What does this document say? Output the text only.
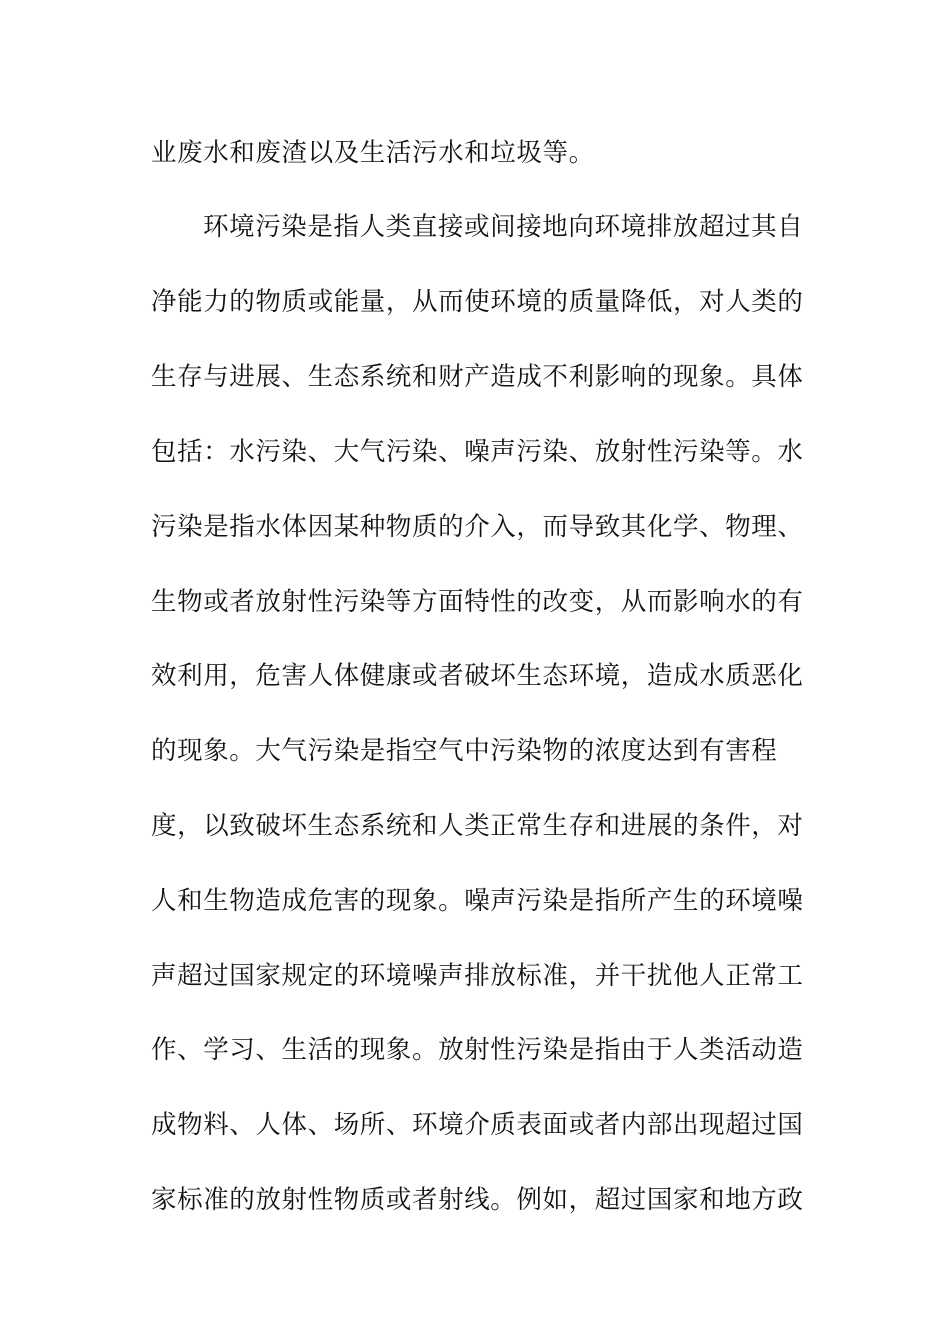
业废水和废渣以及生活污水和垃圾等。
环境污染是指人类直接或间接地向环境排放超过其自
净能力的物质或能量，从而使环境的质量降低，对人类的
生存与进展、生态系统和财产造成不利影响的现象。具体
包括：水污染、大气污染、噪声污染、放射性污染等。水
污染是指水体因某种物质的介入，而导致其化学、物理、
生物或者放射性污染等方面特性的改变，从而影响水的有
效利用，危害人体健康或者破坏生态环境，造成水质恶化
的现象。大气污染是指空气中污染物的浓度达到有害程
度，以致破坏生态系统和人类正常生存和进展的条件，对
人和生物造成危害的现象。噪声污染是指所产生的环境噪
声超过国家规定的环境噪声排放标准，并干扰他人正常工
作、学习、生活的现象。放射性污染是指由于人类活动造
成物料、人体、场所、环境介质表面或者内部出现超过国
家标准的放射性物质或者射线。例如，超过国家和地方政
